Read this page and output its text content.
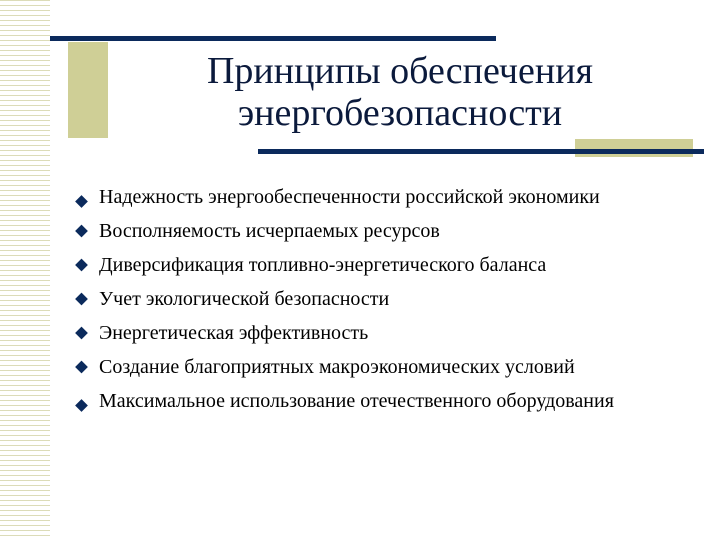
Принципы обеспечения
энергобезопасности
Надежность энергообеспеченности российской экономики
Восполняемость исчерпаемых ресурсов
Диверсификация топливно-энергетического баланса
Учет экологической безопасности
Энергетическая эффективность
Создание благоприятных макроэкономических условий
Максимальное использование отечественного оборудования
